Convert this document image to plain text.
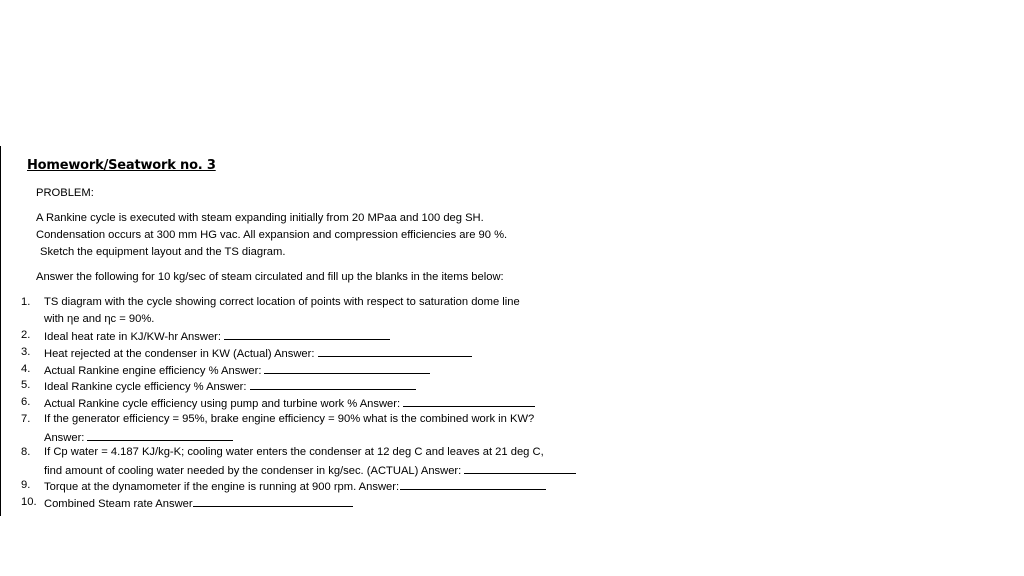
Homework/Seatwork no. 3
PROBLEM:
A Rankine cycle is executed with steam expanding initially from 20 MPaa and 100 deg SH.
Condensation occurs at 300 mm HG vac. All expansion and compression efficiencies are 90 %.
Sketch the equipment layout and the TS diagram.
Answer the following for 10 kg/sec of steam circulated and fill up the blanks in the items below:
1. TS diagram with the cycle showing correct location of points with respect to saturation dome line
with ηe and ηc = 90%.
2. Ideal heat rate in KJ/KW-hr Answer:
3. Heat rejected at the condenser in KW (Actual) Answer:
4. Actual Rankine engine efficiency % Answer:
5. Ideal Rankine cycle efficiency % Answer:
6. Actual Rankine cycle efficiency using pump and turbine work % Answer:
7. If the generator efficiency = 95%, brake engine efficiency = 90% what is the combined work in KW?
Answer:
8. If Cp water = 4.187 KJ/kg-K; cooling water enters the condenser at 12 deg C and leaves at 21 deg C,
find amount of cooling water needed by the condenser in kg/sec. (ACTUAL) Answer:
9. Torque at the dynamometer if the engine is running at 900 rpm. Answer:
10. Combined Steam rate Answer
